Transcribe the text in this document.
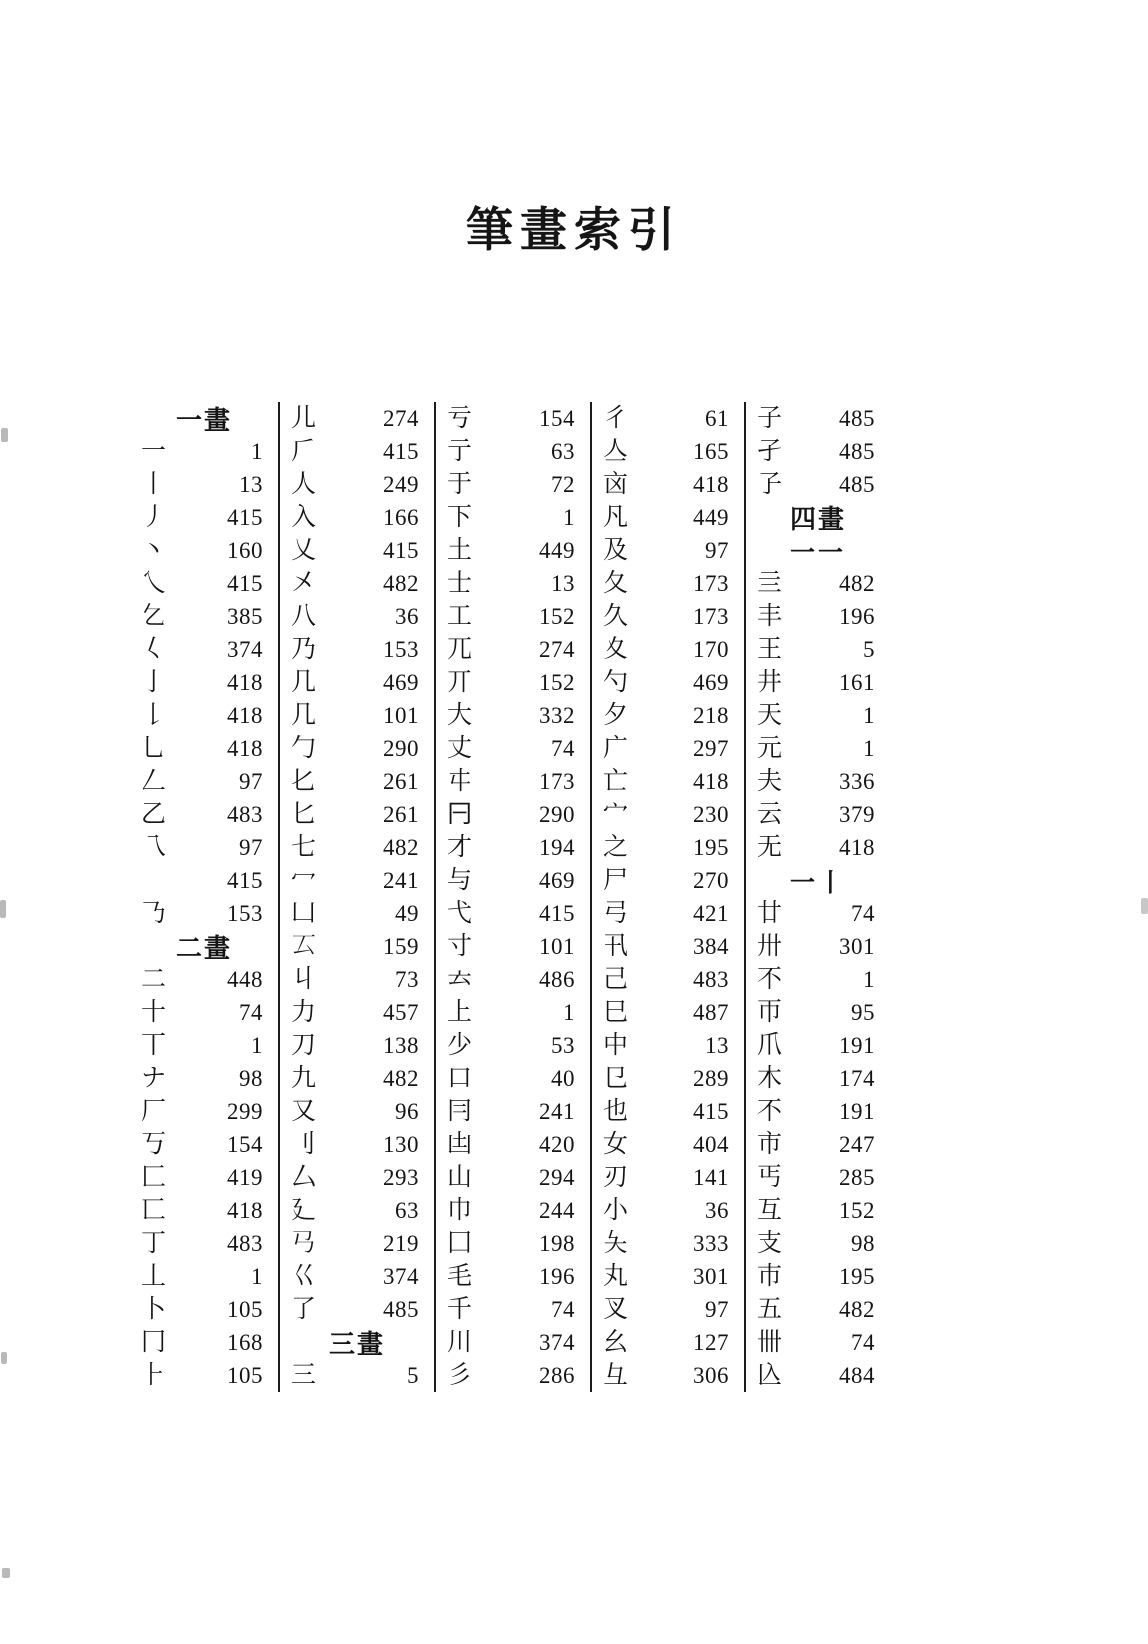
筆畫索引
一畫
一	1
丨	13
丿	415
丶	160
乀	415
𠃉	385
𡿨	374
亅	418
𠄌	418
乚	418
𠃋	97
乙	483
乁	97
415
𠄎	153
二畫
二	448
十	74
丅	1
ナ	98
厂	299
丂	154
匚	419
匸	418
丁	483
丄	1
卜	105
冂	168
⺊	105
儿	274
𠂆	415
人	249
入	166
乂	415
㐅	482
八	36
乃	153
几	469
几	101
勹	290
𠤎	261
匕	261
七	482
冖	241
凵	49
𠫔	159
丩	73
力	457
刀	138
九	482
又	96
刂	130
厶	293
廴	63
𢎘	219
巜	374
了	485
三畫
三	5
亏	154
亍	63
于	72
下	1
土	449
士	13
工	152
兀	274
丌	152
大	332
丈	74
㐄	173
𠔼	290
才	194
与	469
弋	415
寸	101
𠫓	486
上	1
少	53
口	40
冃	241
凷	420
山	294
巾	244
囗	198
毛	196
千	74
川	374
彡	286
彳	61
亼	165
㐫	418
凡	449
及	97
夂	173
久	173
夊	170
勺	469
夕	218
广	297
亡	418
宀	230
之	195
尸	270
弓	421
卂	384
己	483
巳	487
中	13
㔾	289
也	415
女	404
刃	141
小	36
夨	333
丸	301
叉	97
幺	127
彑	306
子 485
孑 485
孒 485
四畫
一一
亖 482
丰 196
王	5
井 161
天	1
元	1
夫 336
云 379
无 418
一丨
廿	74
卅 301
不	1
帀	95
爪 191
木 174
不 191
市 247
丐 285
互 152
支	98
巿 195
五 482
卌	74
兦 484
